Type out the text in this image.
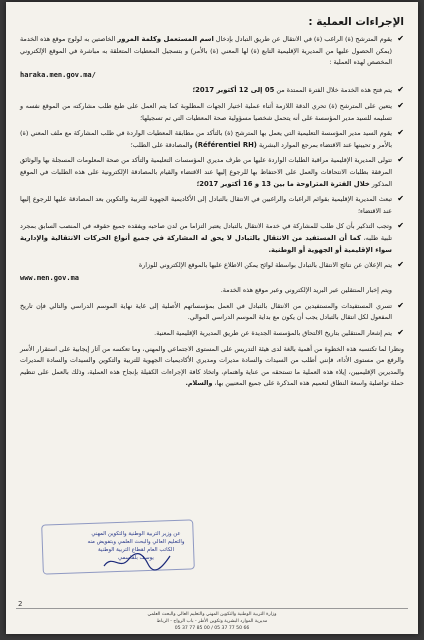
الإجراءات العملية :
✔
يقوم المترشح (ة) الراغب (ة) في الانتقال عن طريق التبادل بإدخال اسم المستعمل وكلمة المرور الخاصتين به لولوج موقع هذه الخدمة (يمكن الحصول عليها من المديرية الإقليمية التابع (ة) لها المعني (ة) بالأمر) و بتسجيل المعطيات المتعلقة به مباشرة في الموقع الإلكتروني المخصص لهذه العملية :
haraka.men.gov.ma/
✔
يتم فتح هذه الخدمة خلال الفترة الممتدة من 05 إلى 12 أكتوبر 2017؛
✔
يتعين على المترشح (ة) تحري الدقة اللازمة أثناء عملية اختيار الجهات المطلوبة كما يتم العمل على طبع طلب مشاركته من الموقع نفسه و تسليمه للسيد مدير المؤسسة على أنه يتحمل شخصيا مسؤولية صحة المعطيات التي تم تسجيلها؛
✔
يقوم السيد مدير المؤسسة التعليمية التي يعمل بها المترشح (ة) بالتأكد من مطابقة المعطيات الواردة في طلب المشاركة مع ملف المعني (ة) بالأمر و تحيينها عند الاقتضاء بمرجع الموارد البشرية (Référentiel RH) والمصادقة على الطلب؛
✔
تتولى المديرية الإقليمية مراقبة الطلبات الواردة عليها من طرف مديري المؤسسات التعليمية والتأكد من صحة المعلومات المسجلة بها والوثائق المرفقة بطلبات الانتحاقات والعمل على الاحتفاظ بها للرجوع إليها عند الاقتضاء والقيام بالمصادقة الإلكترونية على هذه الطلبات في الموقع المذكور خلال الفترة المتراوحة ما بين 13 و 16 أكتوبر 2017؛
✔
تبعث المديرية الإقليمية بقوائم الراغبات والراغبين في الانتقال بالتبادل إلى الأكاديمية الجهوية للتربية والتكوين بعد المصادقة عليها للرجوع إليها عند الاقتضاء؛
✔
وتجب التذكير بأن كل طلب للمشاركة في خدمة الانتقال بالتبادل يعتبر التزاما من لدن صاحبه ويفقده جميع حقوقه في المنصب السابق بمجرد تلبية طلبه، كما أن المستفيد من الانتقال بالتبادل لا يحق له المشاركة في جميع أنواع الحركات الانتقالية والإدارية سواء الإقليمية أو الجهوية أو الوطنية.
✔
يتم الإعلان عن نتائج الانتقال بالتبادل بواسطة لوائح يمكن الاطلاع عليها بالموقع الإلكتروني للوزارة
www.men.gov.ma
ويتم إخبار المنتقلين عبر البريد الإلكتروني وعبر موقع هذه الخدمة.
✔
تسري المستفيدات والمستفيدين من الانتقال بالتبادل في العمل بمؤسساتهم الأصلية إلى غاية نهاية الموسم الدراسي والتالي فإن تاريخ المفعول لكل انتقال بالتبادل يجب أن يكون مع بداية الموسم الدراسي الموالي.
✔
يتم إشعار المنتقلين بتاريخ الالتحاق بالمؤسسة الجديدة عن طريق المديرية الإقليمية المعنية.
ونظرا لما تكتسبه هذه الخطوة من أهمية بالغة لدى هيئة التدريس على المستوى الاجتماعي والمهني، وما تعكسه من آثار إيجابية على استقرار الأسر والرفع من مستوى الأداء، فإنني أطلب من السيدات والسادة مديرات ومديري الأكاديميات الجهوية للتربية والتكوين والسيدات والسادة المديرات والمديرين الإقليميين، إيلاء هذه العملية ما تستحقه من عناية واهتمام، واتخاذ كافة الإجراءات الكفيلة بإنجاح هذه العملية، وذلك بالعمل على تنظيم حملة تواصلية واسعة النطاق لتعميم هذه المذكرة على جميع المعنيين بها، والسلام.
عن وزير التربية الوطنية والتكوين المهني
والتعليم العالي والبحث العلمي وبتفويض منه
الكاتب العام لقطاع التربية الوطنية
يوسف بلقاسمي
2
وزارة التربية الوطنية والتكوين المهني والتعليم العالي والبحث العلمي
مديرية الموارد البشرية وتكوين الأطر - باب الرواح - الرباط
05 37 77 85 00 / 05 37 77 50 66
